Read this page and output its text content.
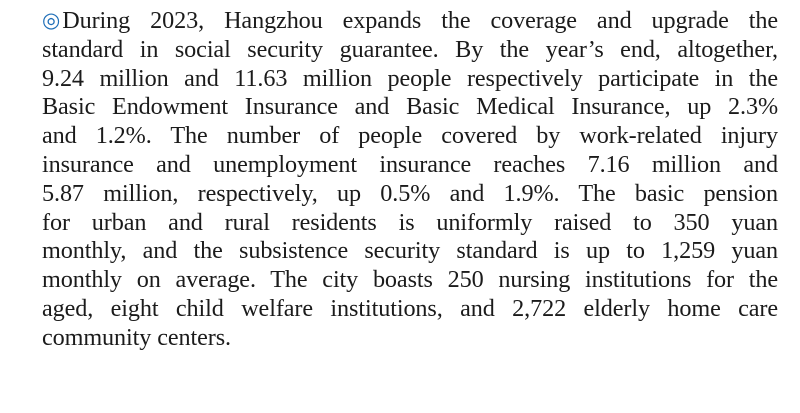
◎During 2023, Hangzhou expands the coverage and upgrade the
standard in social security guarantee. By the year’s end, altogether,
9.24 million and 11.63 million people respectively participate in the
Basic Endowment Insurance and Basic Medical Insurance, up 2.3%
and 1.2%. The number of people covered by work-related injury
insurance and unemployment insurance reaches 7.16 million and
5.87 million, respectively, up 0.5% and 1.9%. The basic pension
for urban and rural residents is uniformly raised to 350 yuan
monthly, and the subsistence security standard is up to 1,259 yuan
monthly on average. The city boasts 250 nursing institutions for the
aged, eight child welfare institutions, and 2,722 elderly home care
community centers.
